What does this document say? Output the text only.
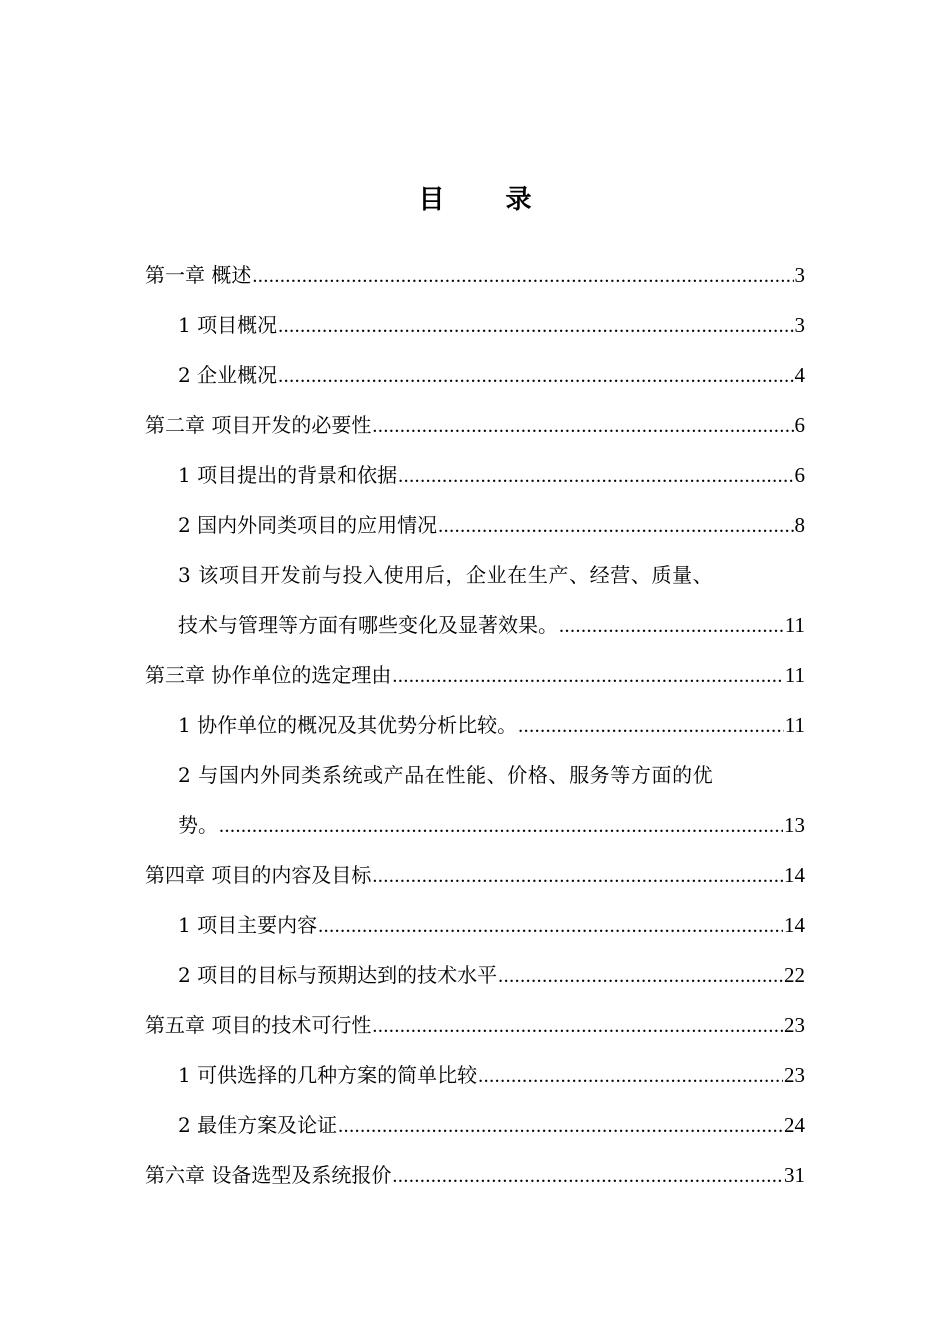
目 录
第一章 概述 .....	3
1 项目概况 .....	3
2 企业概况 .....	4
第二章 项目开发的必要性 .....	6
1 项目提出的背景和依据 .....	6
2 国内外同类项目的应用情况 .....	8
3 该项目开发前与投入使用后，企业在生产、经营、质量、
技术与管理等方面有哪些变化及显著效果。 .....	11
第三章 协作单位的选定理由 .....	11
1 协作单位的概况及其优势分析比较。 .....	11
2 与国内外同类系统或产品在性能、价格、服务等方面的优
势。 .....	13
第四章 项目的内容及目标 .....	14
1 项目主要内容 .....	14
2 项目的目标与预期达到的技术水平 .....	22
第五章 项目的技术可行性 .....	23
1 可供选择的几种方案的简单比较 .....	23
2 最佳方案及论证 .....	24
第六章 设备选型及系统报价 .....	31
